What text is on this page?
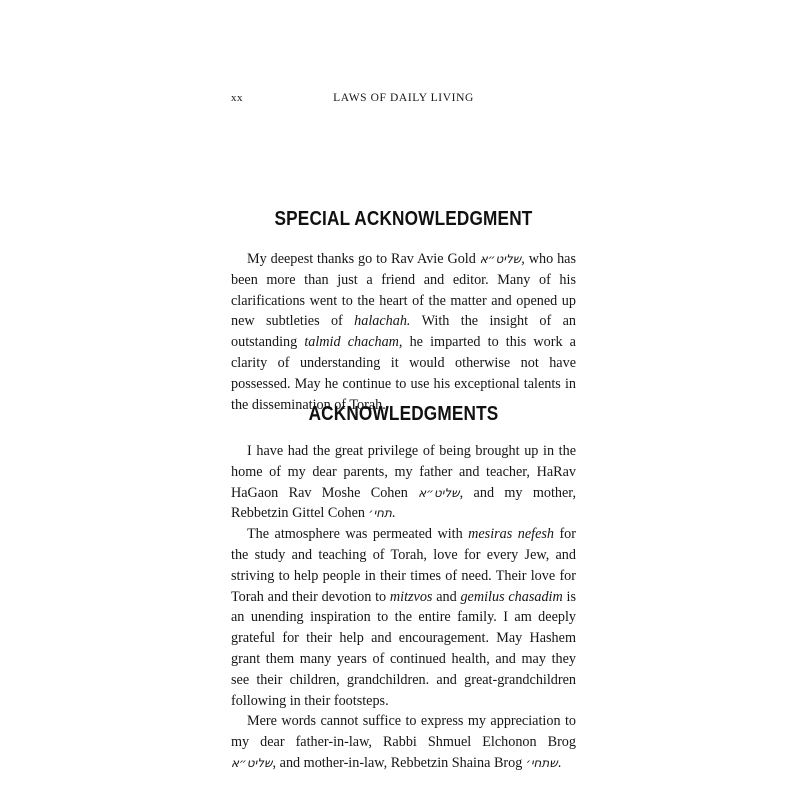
xx	LAWS OF DAILY LIVING
SPECIAL ACKNOWLEDGMENT

My deepest thanks go to Rav Avie Gold שליט״א, who has been more than just a friend and editor. Many of his clarifications went to the heart of the matter and opened up new subtleties of halachah. With the insight of an outstanding talmid chacham, he imparted to this work a clarity of understanding it would otherwise not have possessed. May he continue to use his exceptional talents in the dissemination of Torah.

ACKNOWLEDGMENTS

I have had the great privilege of being brought up in the home of my dear parents, my father and teacher, HaRav HaGaon Rav Moshe Cohen שליט״א, and my mother, Rebbetzin Gittel Cohen תחי׳.

The atmosphere was permeated with mesiras nefesh for the study and teaching of Torah, love for every Jew, and striving to help people in their times of need. Their love for Torah and their devotion to mitzvos and gemilus chasadim is an unending inspiration to the entire family. I am deeply grateful for their help and encouragement. May Hashem grant them many years of continued health, and may they see their children, grandchildren. and great-grandchildren following in their footsteps.

Mere words cannot suffice to express my appreciation to my dear father-in-law, Rabbi Shmuel Elchonon Brog שליט״א, and mother-in-law, Rebbetzin Shaina Brog שתחי׳.
